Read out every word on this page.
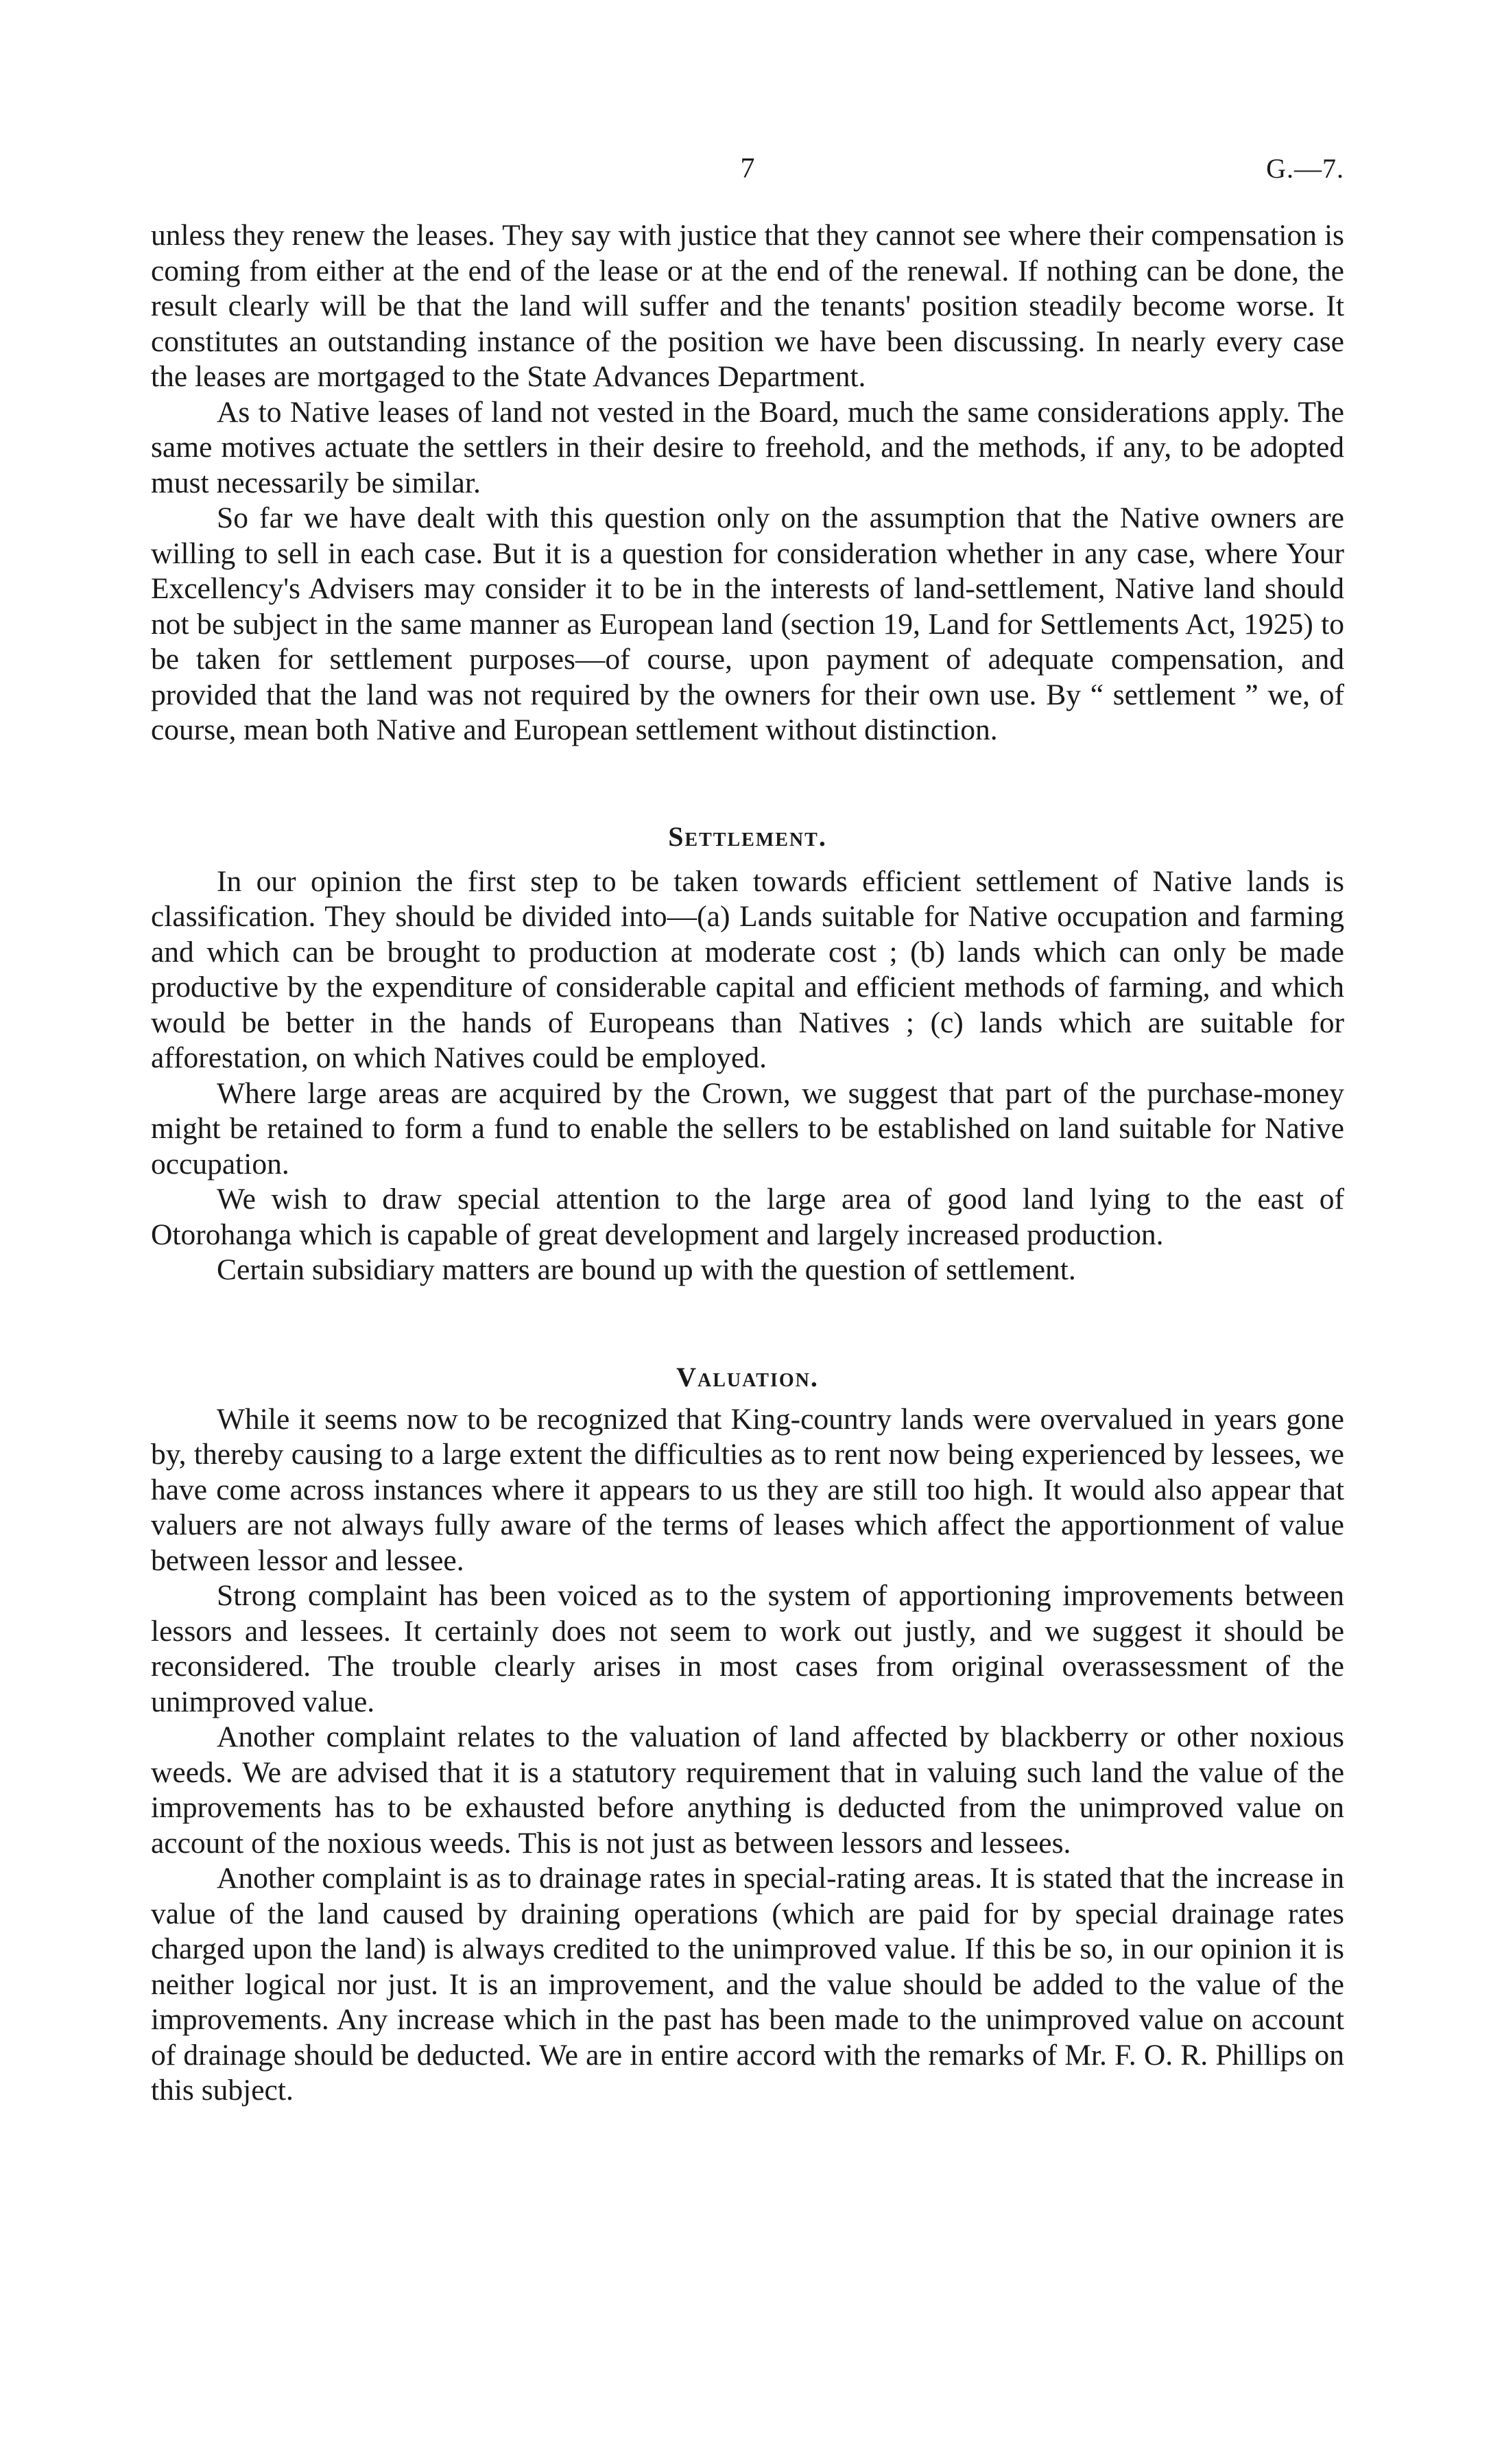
7	G.—7.

unless they renew the leases. They say with justice that they cannot see where their compensation is coming from either at the end of the lease or at the end of the renewal. If nothing can be done, the result clearly will be that the land will suffer and the tenants' position steadily become worse. It constitutes an outstanding instance of the position we have been discussing. In nearly every case the leases are mortgaged to the State Advances Department.

As to Native leases of land not vested in the Board, much the same considerations apply. The same motives actuate the settlers in their desire to freehold, and the methods, if any, to be adopted must necessarily be similar.

So far we have dealt with this question only on the assumption that the Native owners are willing to sell in each case. But it is a question for consideration whether in any case, where Your Excellency's Advisers may consider it to be in the interests of land-settlement, Native land should not be subject in the same manner as European land (section 19, Land for Settlements Act, 1925) to be taken for settlement purposes—of course, upon payment of adequate compensation, and provided that the land was not required by the owners for their own use. By “ settlement ” we, of course, mean both Native and European settlement without distinction.

Settlement.

In our opinion the first step to be taken towards efficient settlement of Native lands is classification. They should be divided into—(a) Lands suitable for Native occupation and farming and which can be brought to production at moderate cost ; (b) lands which can only be made productive by the expenditure of considerable capital and efficient methods of farming, and which would be better in the hands of Europeans than Natives ; (c) lands which are suitable for afforestation, on which Natives could be employed.

Where large areas are acquired by the Crown, we suggest that part of the purchase-money might be retained to form a fund to enable the sellers to be established on land suitable for Native occupation.

We wish to draw special attention to the large area of good land lying to the east of Otorohanga which is capable of great development and largely increased production.

Certain subsidiary matters are bound up with the question of settlement.

Valuation.

While it seems now to be recognized that King-country lands were overvalued in years gone by, thereby causing to a large extent the difficulties as to rent now being experienced by lessees, we have come across instances where it appears to us they are still too high. It would also appear that valuers are not always fully aware of the terms of leases which affect the apportionment of value between lessor and lessee.

Strong complaint has been voiced as to the system of apportioning improvements between lessors and lessees. It certainly does not seem to work out justly, and we suggest it should be reconsidered. The trouble clearly arises in most cases from original overassessment of the unimproved value.

Another complaint relates to the valuation of land affected by blackberry or other noxious weeds. We are advised that it is a statutory requirement that in valuing such land the value of the improvements has to be exhausted before anything is deducted from the unimproved value on account of the noxious weeds. This is not just as between lessors and lessees.

Another complaint is as to drainage rates in special-rating areas. It is stated that the increase in value of the land caused by draining operations (which are paid for by special drainage rates charged upon the land) is always credited to the unimproved value. If this be so, in our opinion it is neither logical nor just. It is an improvement, and the value should be added to the value of the improvements. Any increase which in the past has been made to the unimproved value on account of drainage should be deducted. We are in entire accord with the remarks of Mr. F. O. R. Phillips on this subject.
